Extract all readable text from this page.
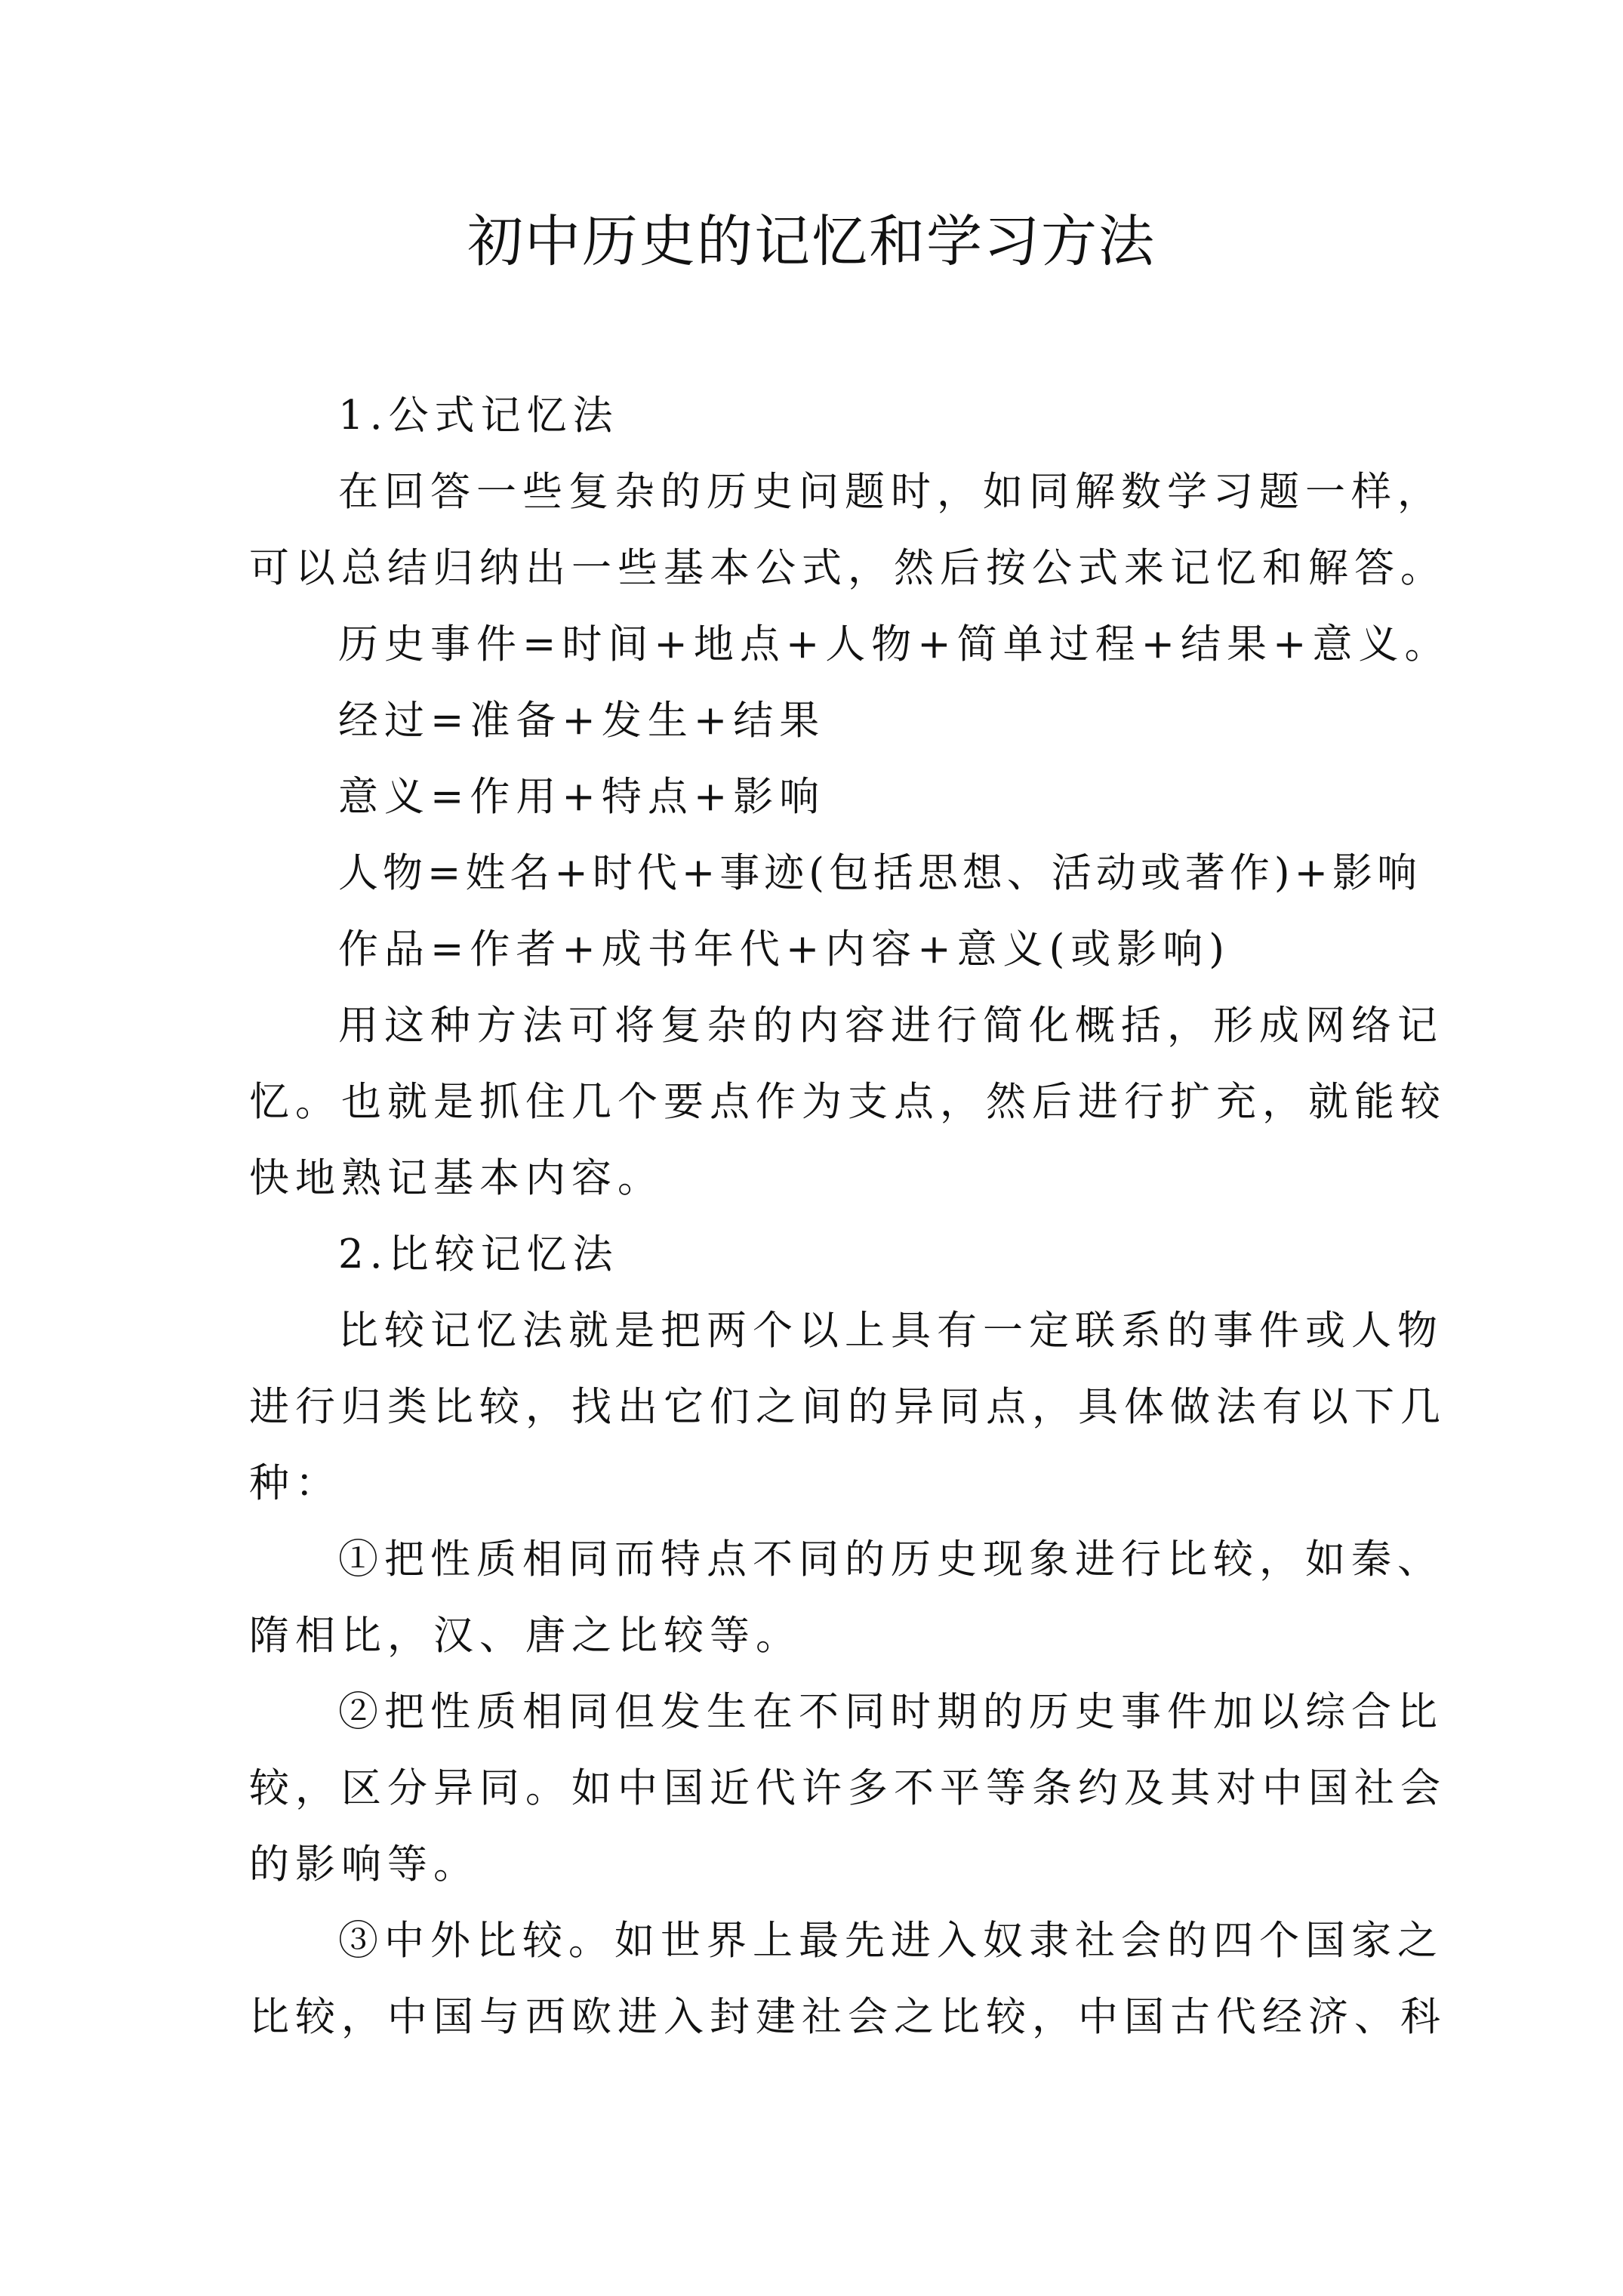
初中历史的记忆和学习方法

1.公式记忆法

在回答一些复杂的历史问题时，如同解数学习题一样，可以总结归纳出一些基本公式，然后按公式来记忆和解答。

历史事件=时间+地点+人物+简单过程+结果+意义。

经过=准备+发生+结果

意义=作用+特点+影响

人物=姓名+时代+事迹(包括思想、活动或著作)+影响

作品=作者+成书年代+内容+意义(或影响)

用这种方法可将复杂的内容进行简化概括，形成网络记忆。也就是抓住几个要点作为支点，然后进行扩充，就能较快地熟记基本内容。

2.比较记忆法

比较记忆法就是把两个以上具有一定联系的事件或人物进行归类比较，找出它们之间的异同点，具体做法有以下几种：

①把性质相同而特点不同的历史现象进行比较，如秦、隋相比，汉、唐之比较等。

②把性质相同但发生在不同时期的历史事件加以综合比较，区分异同。如中国近代许多不平等条约及其对中国社会的影响等。

③中外比较。如世界上最先进入奴隶社会的四个国家之比较，中国与西欧进入封建社会之比较，中国古代经济、科
